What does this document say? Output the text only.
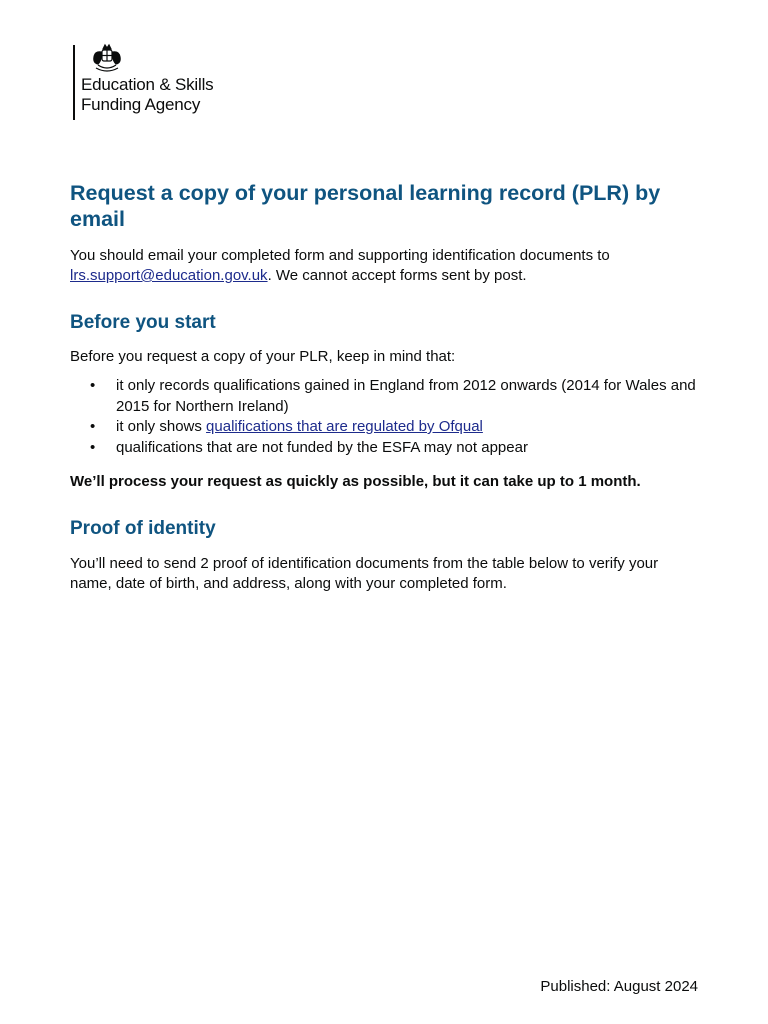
Education & Skills
Funding Agency
Request a copy of your personal learning record (PLR) by email

You should email your completed form and supporting identification documents to lrs.support@education.gov.uk. We cannot accept forms sent by post.

Before you start

Before you request a copy of your PLR, keep in mind that:

• it only records qualifications gained in England from 2012 onwards (2014 for Wales and 2015 for Northern Ireland)
• it only shows qualifications that are regulated by Ofqual
• qualifications that are not funded by the ESFA may not appear

We’ll process your request as quickly as possible, but it can take up to 1 month.

Proof of identity

You’ll need to send 2 proof of identification documents from the table below to verify your name, date of birth, and address, along with your completed form.

Published: August 2024
